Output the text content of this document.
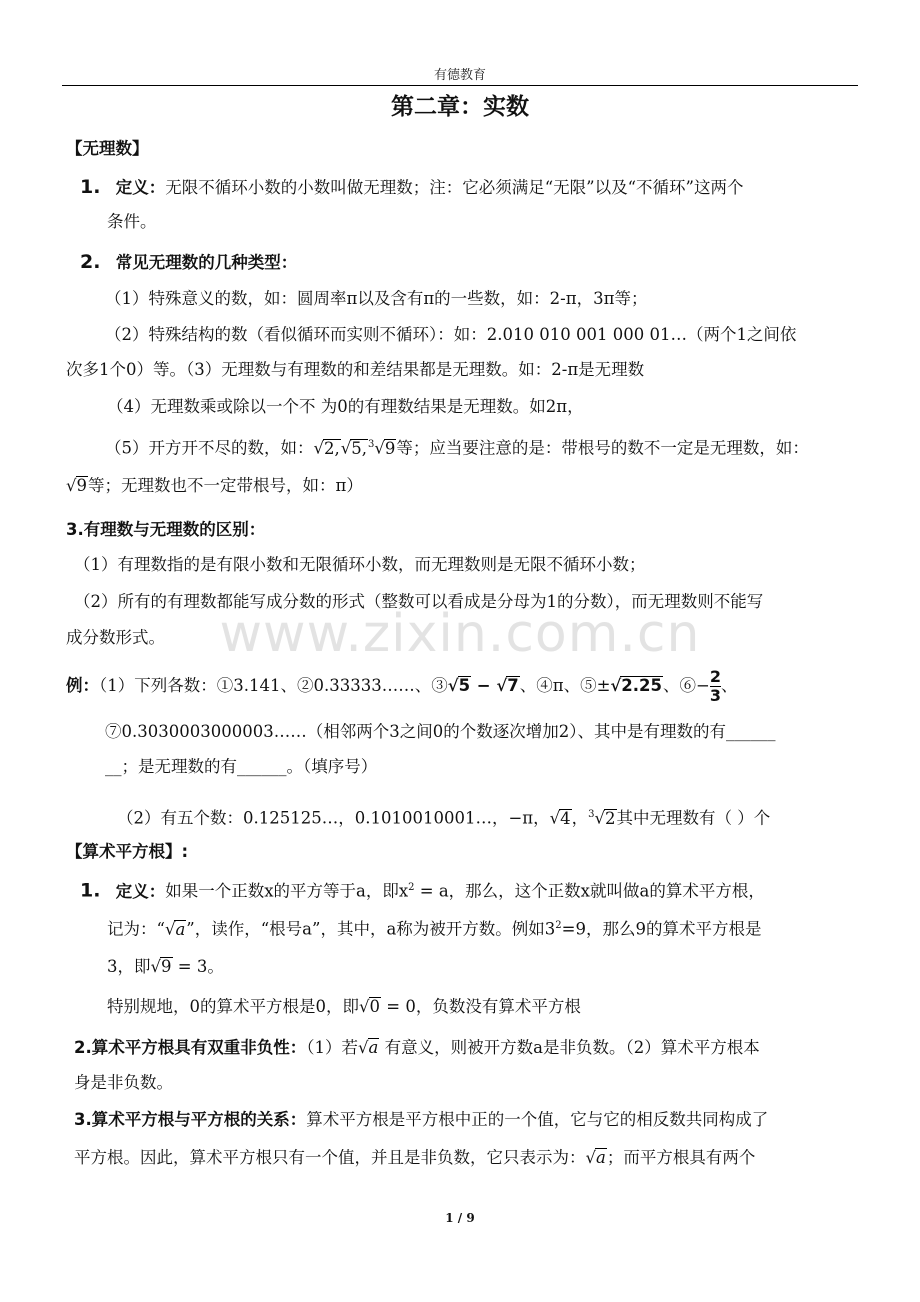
有德教育
第二章：实数
www.zixin.com.cn
【无理数】
1. 定义：无限不循环小数的小数叫做无理数；注：它必须满足“无限”以及“不循环”这两个
条件。
2. 常见无理数的几种类型：
（1）特殊意义的数，如：圆周率π以及含有π的一些数，如：2-π，3π等；
（2）特殊结构的数（看似循环而实则不循环）：如：2.010 010 001 000 01…（两个1之间依
次多1个0）等。（3）无理数与有理数的和差结果都是无理数。如：2-π是无理数
（4）无理数乘或除以一个不 为0的有理数结果是无理数。如2π，
（5）开方开不尽的数，如：√2,√5,$^3$√9等；应当要注意的是：带根号的数不一定是无理数，如：
√9等；无理数也不一定带根号，如：π）
3.有理数与无理数的区别：
（1）有理数指的是有限小数和无限循环小数，而无理数则是无限不循环小数；
（2）所有的有理数都能写成分数的形式（整数可以看成是分母为1的分数），而无理数则不能写
成分数形式。
例：（1）下列各数：①3.141、②0.33333……、③√5 − √7、④π、⑤±√2.25、⑥− $\frac{2}{3}$ 、
⑦0.3030003000003……（相邻两个3之间0的个数逐次增加2）、其中是有理数的有______
__；是无理数的有______。（填序号）
（2）有五个数：0.125125…，0.1010010001…，−π，√4，$^3$√2其中无理数有（ ）个
【算术平方根】:
1. 定义：如果一个正数x的平方等于a，即$x^2 = a$，那么，这个正数x就叫做a的算术平方根，
记为：“√a”，读作，“根号a”，其中，a称为被开方数。例如$3^2=9$，那么9的算术平方根是
3，即√9 = 3。
特别规地，0的算术平方根是0，即√0 = 0，负数没有算术平方根
2.算术平方根具有双重非负性：（1）若√a 有意义，则被开方数a是非负数。（2）算术平方根本
身是非负数。
3.算术平方根与平方根的关系：算术平方根是平方根中正的一个值，它与它的相反数共同构成了
平方根。因此，算术平方根只有一个值，并且是非负数，它只表示为：√a；而平方根具有两个
1 / 9
